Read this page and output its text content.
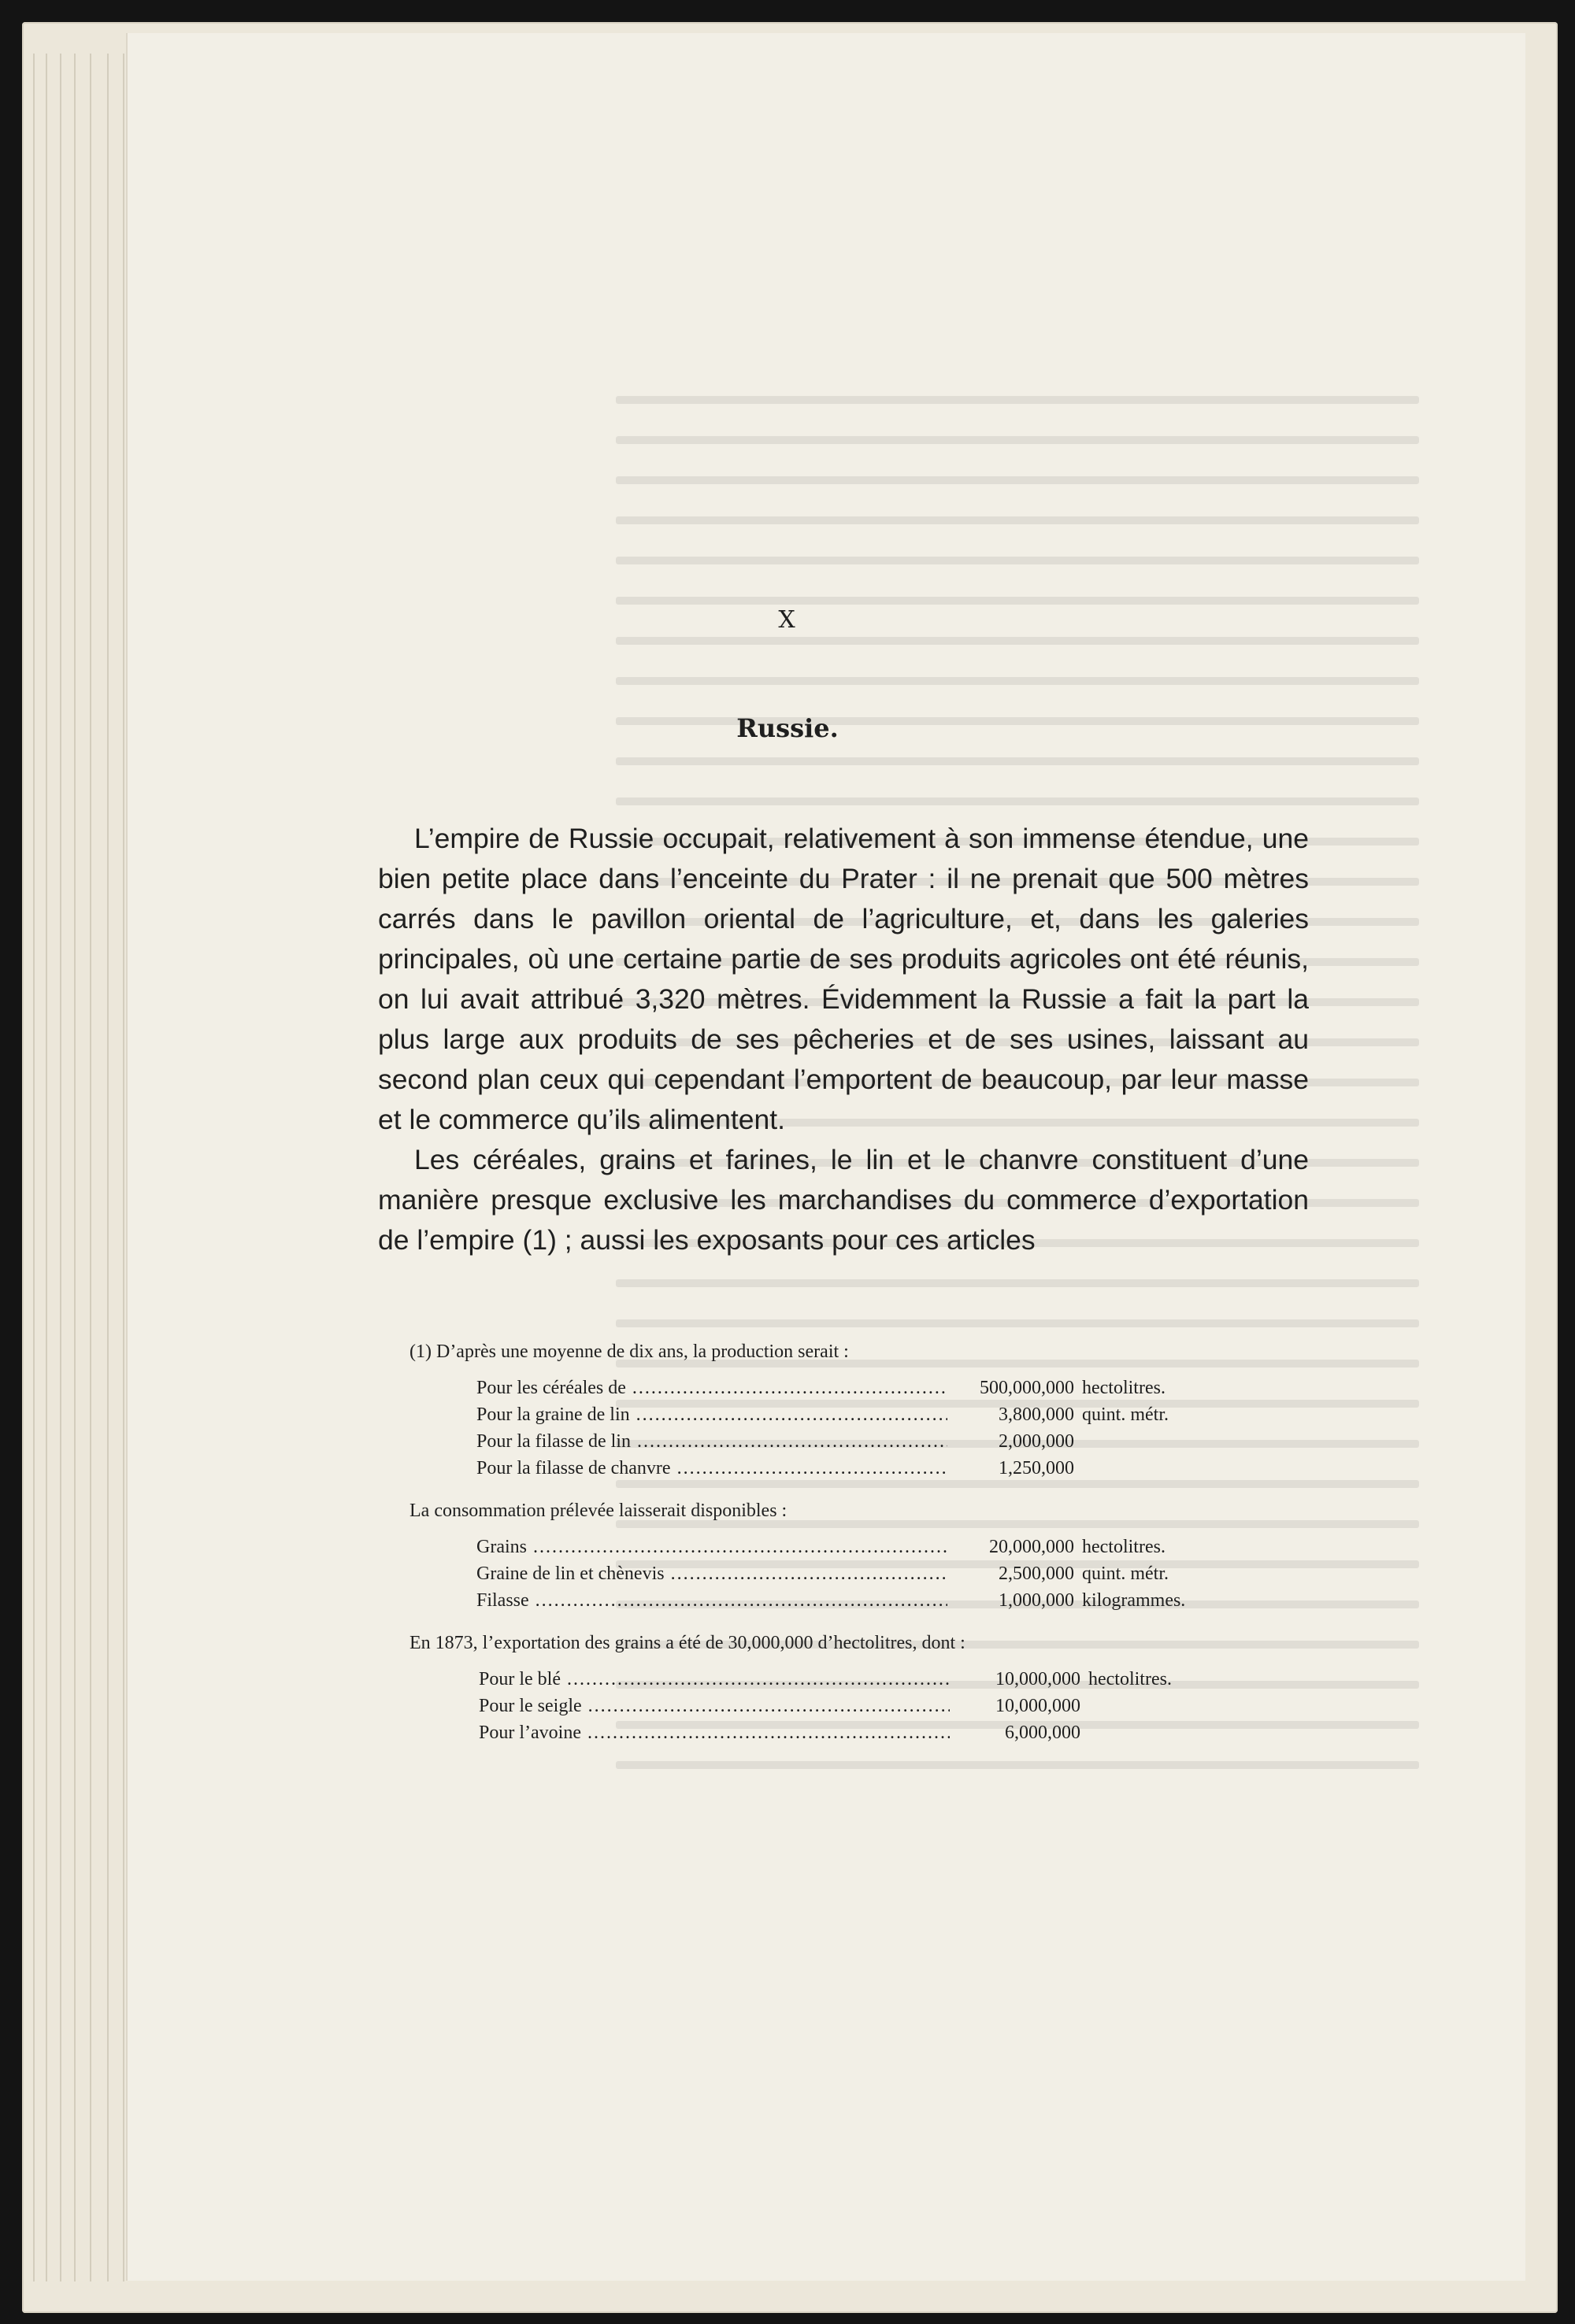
X
Russie.

L’empire de Russie occupait, relativement à son immense étendue, une bien petite place dans l’enceinte du Prater : il ne prenait que 500 mètres carrés dans le pavillon oriental de l’agriculture, et, dans les galeries principales, où une certaine partie de ses produits agricoles ont été réunis, on lui avait attribué 3,320 mètres. Évidemment la Russie a fait la part la plus large aux produits de ses pêcheries et de ses usines, laissant au second plan ceux qui cependant l’emportent de beaucoup, par leur masse et le commerce qu’ils alimentent.

Les céréales, grains et farines, le lin et le chanvre constituent d’une manière presque exclusive les marchandises du commerce d’exportation de l’empire (1) ; aussi les exposants pour ces articles

(1) D’après une moyenne de dix ans, la production serait :
Pour les céréales de .....	500,000,000 hectolitres.
Pour la graine de lin .....	3,800,000 quint. métr.
Pour la filasse de lin .....	2,000,000
Pour la filasse de chanvre .....	1,250,000
La consommation prélevée laisserait disponibles :
Grains .....	20,000,000 hectolitres.
Graine de lin et chènevis .....	2,500,000 quint. métr.
Filasse .....	1,000,000 kilogrammes.
En 1873, l’exportation des grains a été de 30,000,000 d’hectolitres, dont :
Pour le blé .....	10,000,000 hectolitres.
Pour le seigle .....	10,000,000
Pour l’avoine .....	6,000,000
